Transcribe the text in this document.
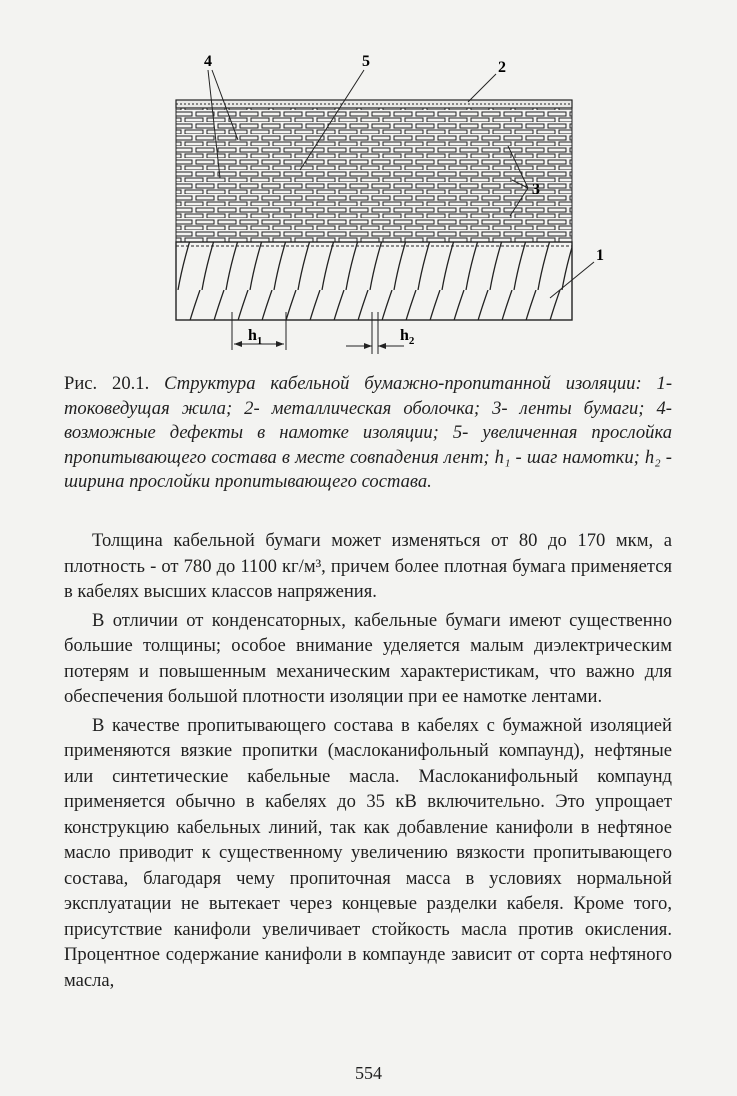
4	5	2
3
1
$h_1$	$h_2$
Рис. 20.1. Структура кабельной бумажно-пропитанной изоляции: 1- токоведущая жила; 2- металлическая оболочка; 3- ленты бумаги; 4- возможные дефекты в намотке изоляции; 5- увеличенная прослойка пропитывающего состава в месте совпадения лент; h₁ - шаг намотки; h₂ - ширина прослойки пропитывающего состава.

Толщина кабельной бумаги может изменяться от 80 до 170 мкм, а плотность - от 780 до 1100 кг/м³, причем более плотная бумага применяется в кабелях высших классов напряжения.

В отличии от конденсаторных, кабельные бумаги имеют существенно большие толщины; особое внимание уделяется малым диэлектрическим потерям и повышенным механическим характеристикам, что важно для обеспечения большой плотности изоляции при ее намотке лентами.

В качестве пропитывающего состава в кабелях с бумажной изоляцией применяются вязкие пропитки (маслоканифольный компаунд), нефтяные или синтетические кабельные масла. Маслоканифольный компаунд применяется обычно в кабелях до 35 кВ включительно. Это упрощает конструкцию кабельных линий, так как добавление канифоли в нефтяное масло приводит к существенному увеличению вязкости пропитывающего состава, благодаря чему пропиточная масса в условиях нормальной эксплуатации не вытекает через концевые разделки кабеля. Кроме того, присутствие канифоли увеличивает стойкость масла против окисления. Процентное содержание канифоли в компаунде зависит от сорта нефтяного масла,

554
